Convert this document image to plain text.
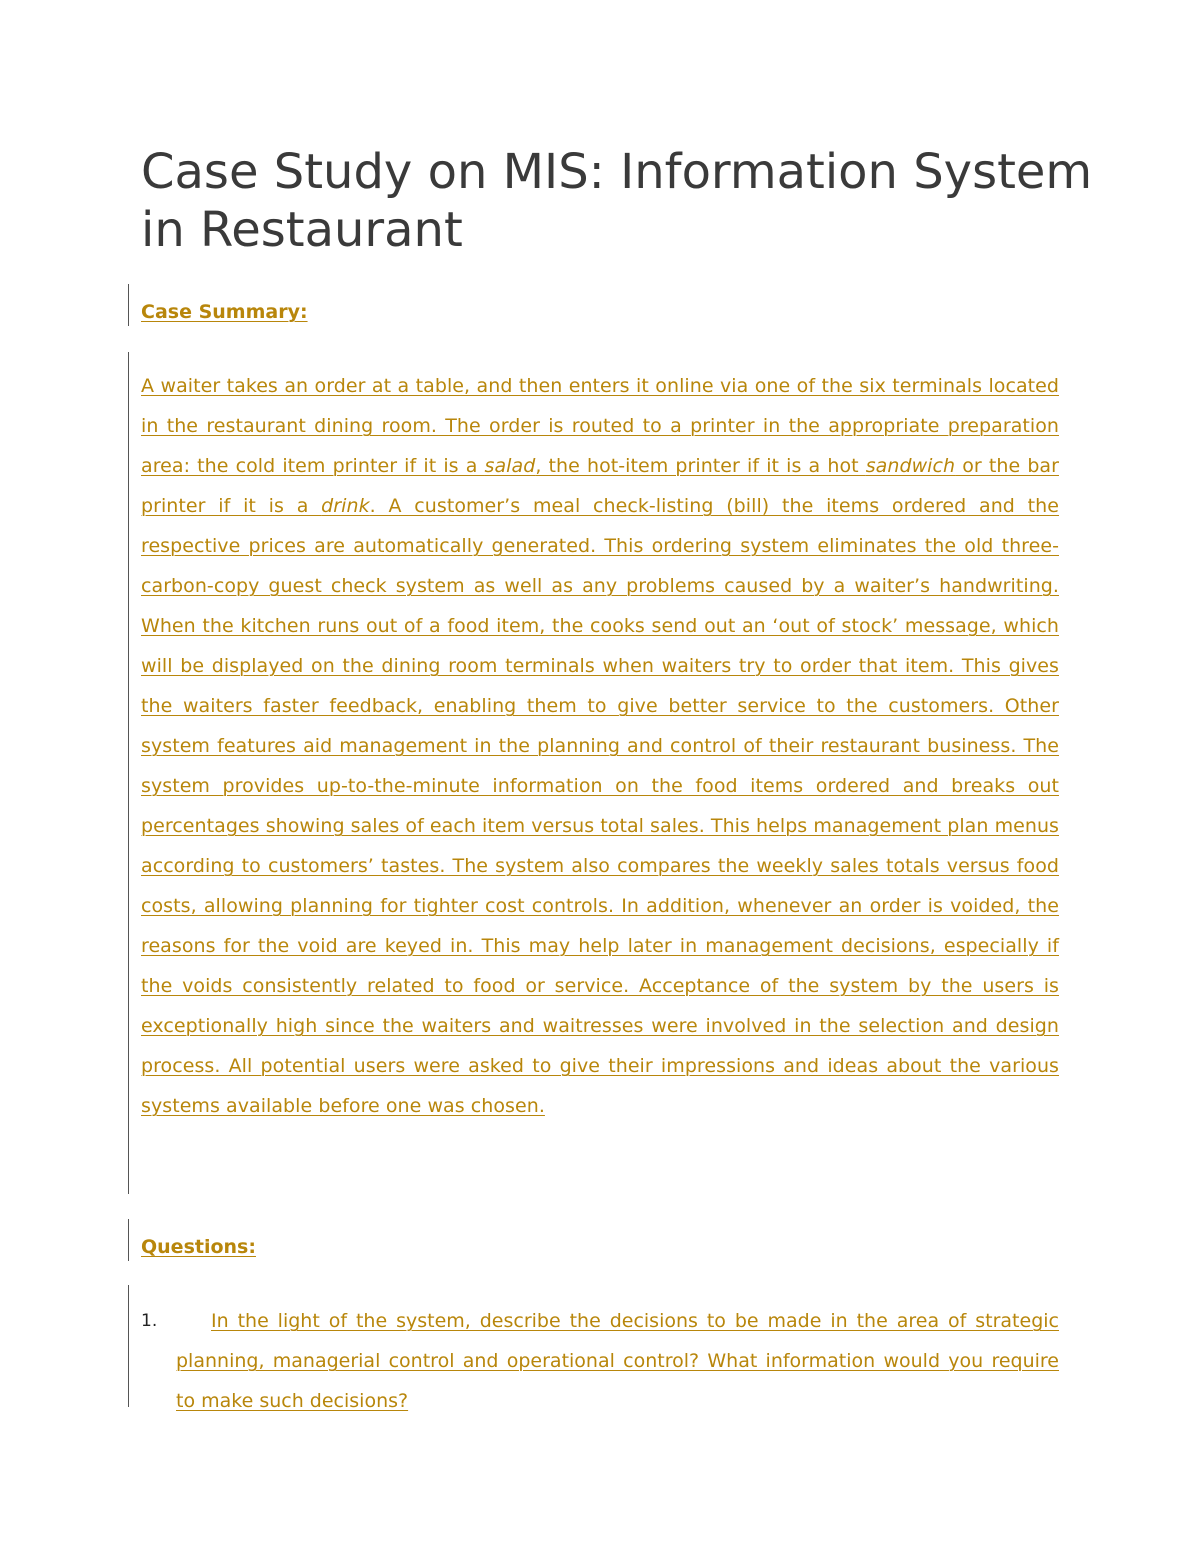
Case Study on MIS: Information System in Restaurant
Case Summary:

A waiter takes an order at a table, and then enters it online via one of the six terminals located in the restaurant dining room. The order is routed to a printer in the appropriate preparation area: the cold item printer if it is a salad, the hot-item printer if it is a hot sandwich or the bar printer if it is a drink. A customer’s meal check-listing (bill) the items ordered and the respective prices are automatically generated. This ordering system eliminates the old three-carbon-copy guest check system as well as any problems caused by a waiter’s handwriting. When the kitchen runs out of a food item, the cooks send out an ‘out of stock’ message, which will be displayed on the dining room terminals when waiters try to order that item. This gives the waiters faster feedback, enabling them to give better service to the customers. Other system features aid management in the planning and control of their restaurant business. The system provides up-to-the-minute information on the food items ordered and breaks out percentages showing sales of each item versus total sales. This helps management plan menus according to customers’ tastes. The system also compares the weekly sales totals versus food costs, allowing planning for tighter cost controls. In addition, whenever an order is voided, the reasons for the void are keyed in. This may help later in management decisions, especially if the voids consistently related to food or service. Acceptance of the system by the users is exceptionally high since the waiters and waitresses were involved in the selection and design process. All potential users were asked to give their impressions and ideas about the various systems available before one was chosen.

Questions:
1.	In the light of the system, describe the decisions to be made in the area of strategic planning, managerial control and operational control? What information would you require to make such decisions?
